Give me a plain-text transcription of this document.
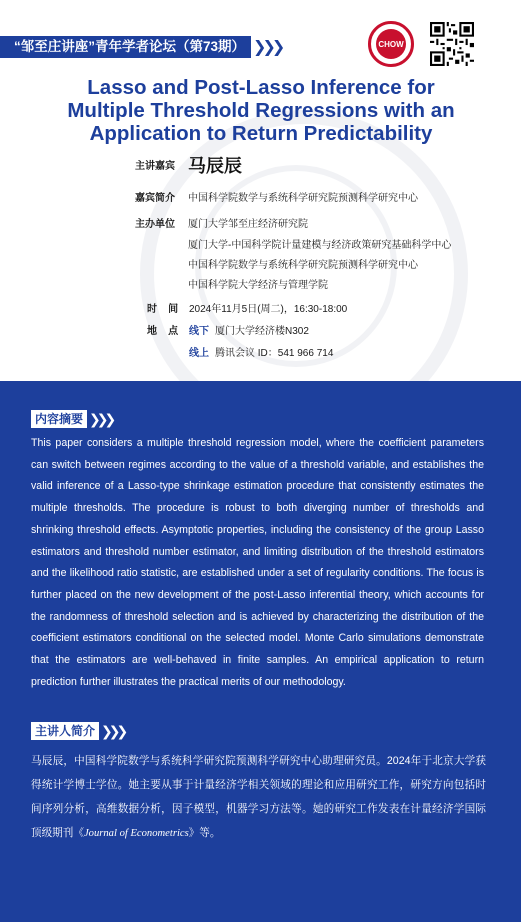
“邹至庄讲座”青年学者论坛（第73期） ❯❯❯	CHOW
Lasso and Post-Lasso Inference for
Multiple Threshold Regressions with an
Application to Return Predictability
主讲嘉宾 马辰辰
嘉宾简介 中国科学院数学与系统科学研究院预测科学研究中心
主办单位 厦门大学邹至庄经济研究院
厦门大学-中国科学院计量建模与经济政策研究基础科学中心
中国科学院数学与系统科学研究院预测科学研究中心
中国科学院大学经济与管理学院
时    间 2024年11月5日(周二)，16:30-18:00
地    点 线下 厦门大学经济楼N302
线上 腾讯会议 ID：541 966 714
内容摘要 ❯❯❯
This paper considers a multiple threshold regression model, where the coefficient parameters can switch between regimes according to the value of a threshold variable, and establishes the valid inference of a Lasso-type shrinkage estimation procedure that consistently estimates the multiple thresholds. The procedure is robust to both diverging number of thresholds and shrinking threshold effects. Asymptotic properties, including the consistency of the group Lasso estimators and threshold number estimator, and limiting distribution of the threshold estimators and the likelihood ratio statistic, are established under a set of regularity conditions. The focus is further placed on the new development of the post-Lasso inferential theory, which accounts for the randomness of threshold selection and is achieved by characterizing the distribution of the coefficient estimators conditional on the selected model. Monte Carlo simulations demonstrate that the estimators are well-behaved in finite samples. An empirical application to return prediction further illustrates the practical merits of our methodology.
主讲人简介 ❯❯❯
马辰辰，中国科学院数学与系统科学研究院预测科学研究中心助理研究员。2024年于北京大学获得统计学博士学位。她主要从事于计量经济学相关领域的理论和应用研究工作，研究方向包括时间序列分析，高维数据分析，因子模型，机器学习方法等。她的研究工作发表在计量经济学国际顶级期刊《Journal of Econometrics》等。
